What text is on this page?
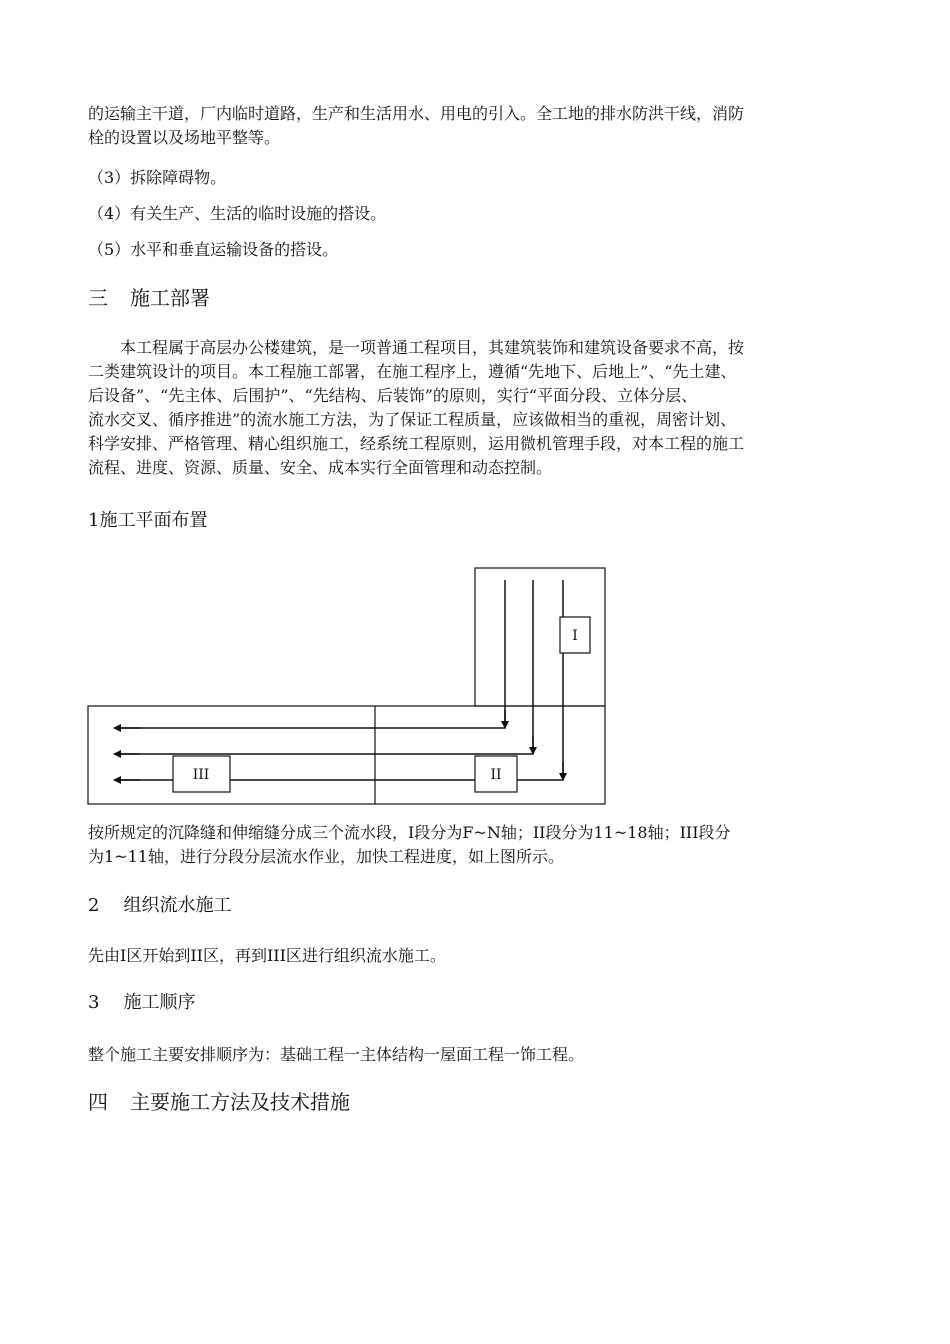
的运输主干道，厂内临时道路，生产和生活用水、用电的引入。全工地的排水防洪干线，消防
栓的设置以及场地平整等。
（3）拆除障碍物。
（4）有关生产、生活的临时设施的搭设。
（5）水平和垂直运输设备的搭设。
三 施工部署
本工程属于高层办公楼建筑，是一项普通工程项目，其建筑装饰和建筑设备要求不高，按
二类建筑设计的项目。本工程施工部署，在施工程序上，遵循“先地下、后地上”、“先土建、
后设备”、“先主体、后围护”、“先结构、后装饰”的原则，实行“平面分段、立体分层、
流水交叉、循序推进”的流水施工方法，为了保证工程质量，应该做相当的重视，周密计划、
科学安排、严格管理、精心组织施工，经系统工程原则，运用微机管理手段，对本工程的施工
流程、进度、资源、质量、安全、成本实行全面管理和动态控制。
1施工平面布置
I
II
III
按所规定的沉降缝和伸缩缝分成三个流水段，I段分为F~N轴；II段分为11~18轴；III段分
为1~11轴，进行分段分层流水作业，加快工程进度，如上图所示。
2 组织流水施工
先由I区开始到II区，再到III区进行组织流水施工。
3 施工顺序
整个施工主要安排顺序为：基础工程一主体结构一屋面工程一饰工程。
四 主要施工方法及技术措施
